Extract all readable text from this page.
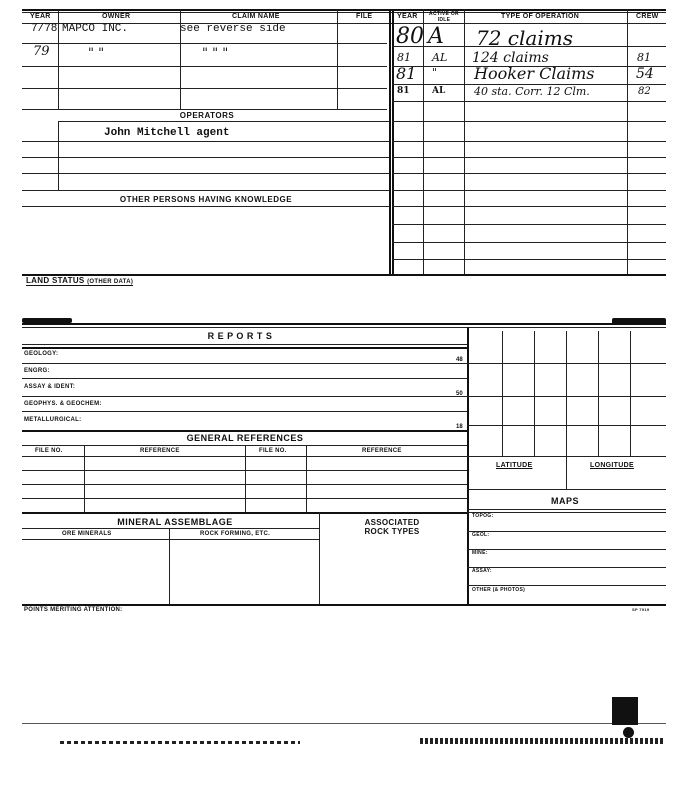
YEAR	OWNER	CLAIM NAME	FILE	YEAR	ACTIVE OR IDLE	TYPE OF OPERATION	CREW
7/78 MAPCO INC.	see reverse side
79	" "	" " "
OPERATORS
John Mitchell agent
OTHER PERSONS HAVING KNOWLEDGE
80 A 72 claims
81 AL 124 claims	81
81 " Hooker Claims	54
81 AL	40 sta. Corr. 12 Clm.	82
LAND STATUS (OTHER DATA)
R E P O R T S
GEOLOGY:
48
ENGRG:
ASSAY & IDENT:
50
GEOPHYS. & GEOCHEM:
METALLURGICAL:
18
GENERAL REFERENCES
FILE NO.	REFERENCE	FILE NO.	REFERENCE
MINERAL ASSEMBLAGE	ASSOCIATED
ROCK TYPES
ORE MINERALS	ROCK FORMING, ETC.
LATITUDE	LONGITUDE
MAPS
TOPOG:
GEOL:
MINE:
ASSAY:
OTHER (& PHOTOS)
POINTS MERITING ATTENTION:	SP 7919
